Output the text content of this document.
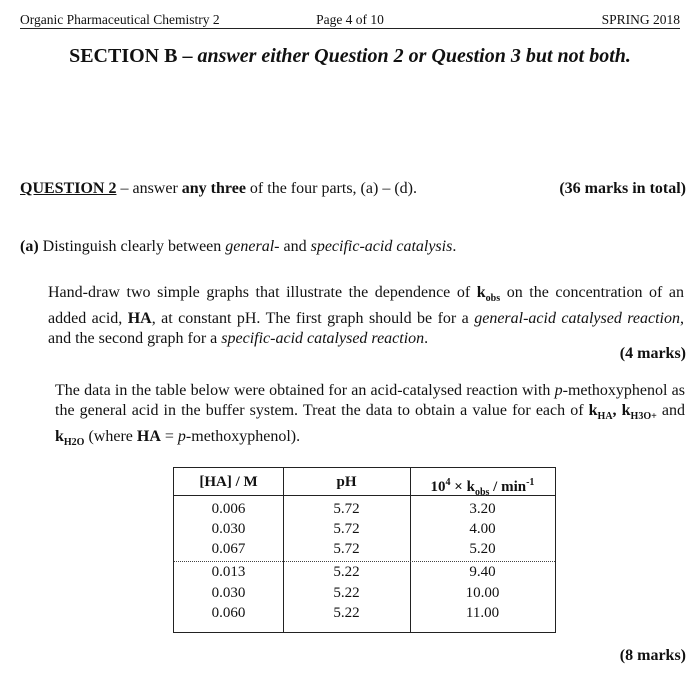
Organic Pharmaceutical Chemistry 2	Page 4 of 10	SPRING 2018
SECTION B – answer either Question 2 or Question 3 but not both.
QUESTION 2 – answer any three of the four parts, (a) – (d).	(36 marks in total)
(a) Distinguish clearly between general- and specific-acid catalysis.
Hand-draw two simple graphs that illustrate the dependence of $k_{obs}$ on the concentration of an added acid, HA, at constant pH. The first graph should be for a general-acid catalysed reaction, and the second graph for a specific-acid catalysed reaction.
(4 marks)
The data in the table below were obtained for an acid-catalysed reaction with p-methoxyphenol as the general acid in the buffer system. Treat the data to obtain a value for each of $k_{HA}$, $k_{H3O+}$ and $k_{H2O}$ (where HA = p-methoxyphenol).
[HA] / M	pH	$10^4 \times k_{obs} / \min^{-1}$
0.006	5.72	3.20
0.030	5.72	4.00
0.067	5.72	5.20
0.013	5.22	9.40
0.030	5.22	10.00
0.060	5.22	11.00
(8 marks)
